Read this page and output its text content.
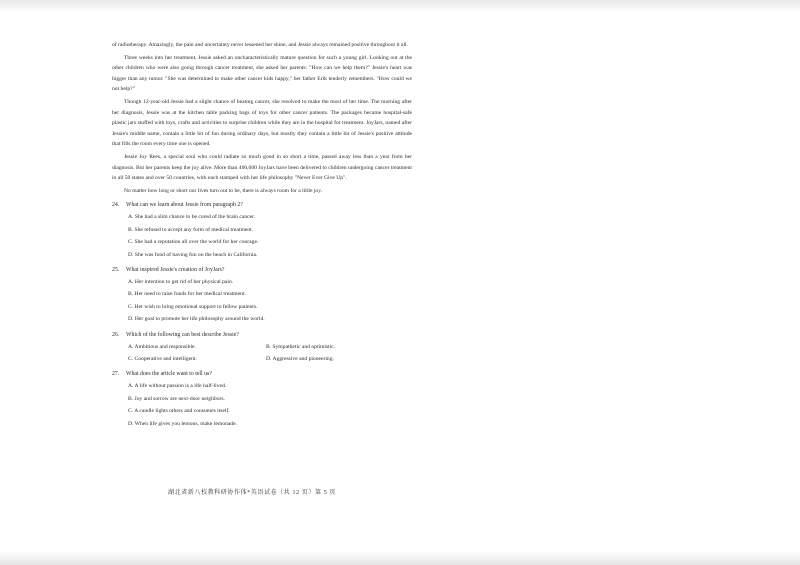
of radiotherapy. Amazingly, the pain and uncertainty never lessened her shine, and Jessie always remained positive throughout it all.

Three weeks into her treatment, Jessie asked an uncharacteristically mature question for such a young girl. Looking out at the other children who were also going through cancer treatment, she asked her parents: "How can we help them?" Jessie's heart was bigger than any tumor. "She was determined to make other cancer kids happy," her father Erik tenderly remembers. "How could we not help?"

Though 12-year-old Jessie had a slight chance of beating cancer, she resolved to make the most of her time. The morning after her diagnosis, Jessie was at the kitchen table packing bags of toys for other cancer patients. The packages became hospital-safe plastic jars stuffed with toys, crafts and activities to surprise children while they are in the hospital for treatment. JoyJars, named after Jessie's middle name, contain a little bit of fun during ordinary days, but mostly they contain a little bit of Jessie's positive attitude that fills the room every time one is opened.

Jessie Joy Rees, a special soul who could radiate so much good in so short a time, passed away less than a year from her diagnosis. But her parents keep the joy alive. More than 400,000 JoyJars have been delivered to children undergoing cancer treatment in all 50 states and over 50 countries, with each stamped with her life philosophy "Never Ever Give Up".

No matter how long or short our lives turn out to be, there is always room for a little joy.

24.	What can we learn about Jessie from paragraph 2?
A. She had a slim chance to be cured of the brain cancer.
B. She refused to accept any form of medical treatment.
C. She had a reputation all over the world for her courage.
D. She was fond of having fun on the beach in California.
25.	What inspired Jessie's creation of JoyJars?
A. Her intention to get rid of her physical pain.
B. Her need to raise funds for her medical treatment.
C. Her wish to bring emotional support to fellow patients.
D. Her goal to promote her life philosophy around the world.
26.	Which of the following can best describe Jessie?
A. Ambitious and responsible.	B. Sympathetic and optimistic.
C. Cooperative and intelligent.	D. Aggressive and pioneering.
27.	What does the article want to tell us?
A. A life without passion is a life half-lived.
B. Joy and sorrow are next-door neighbors.
C. A candle lights others and consumes itself.
D. When life gives you lemons, make lemonade.
湖北省新八校教科研协作体*英语试卷（共 12 页）第 5 页
